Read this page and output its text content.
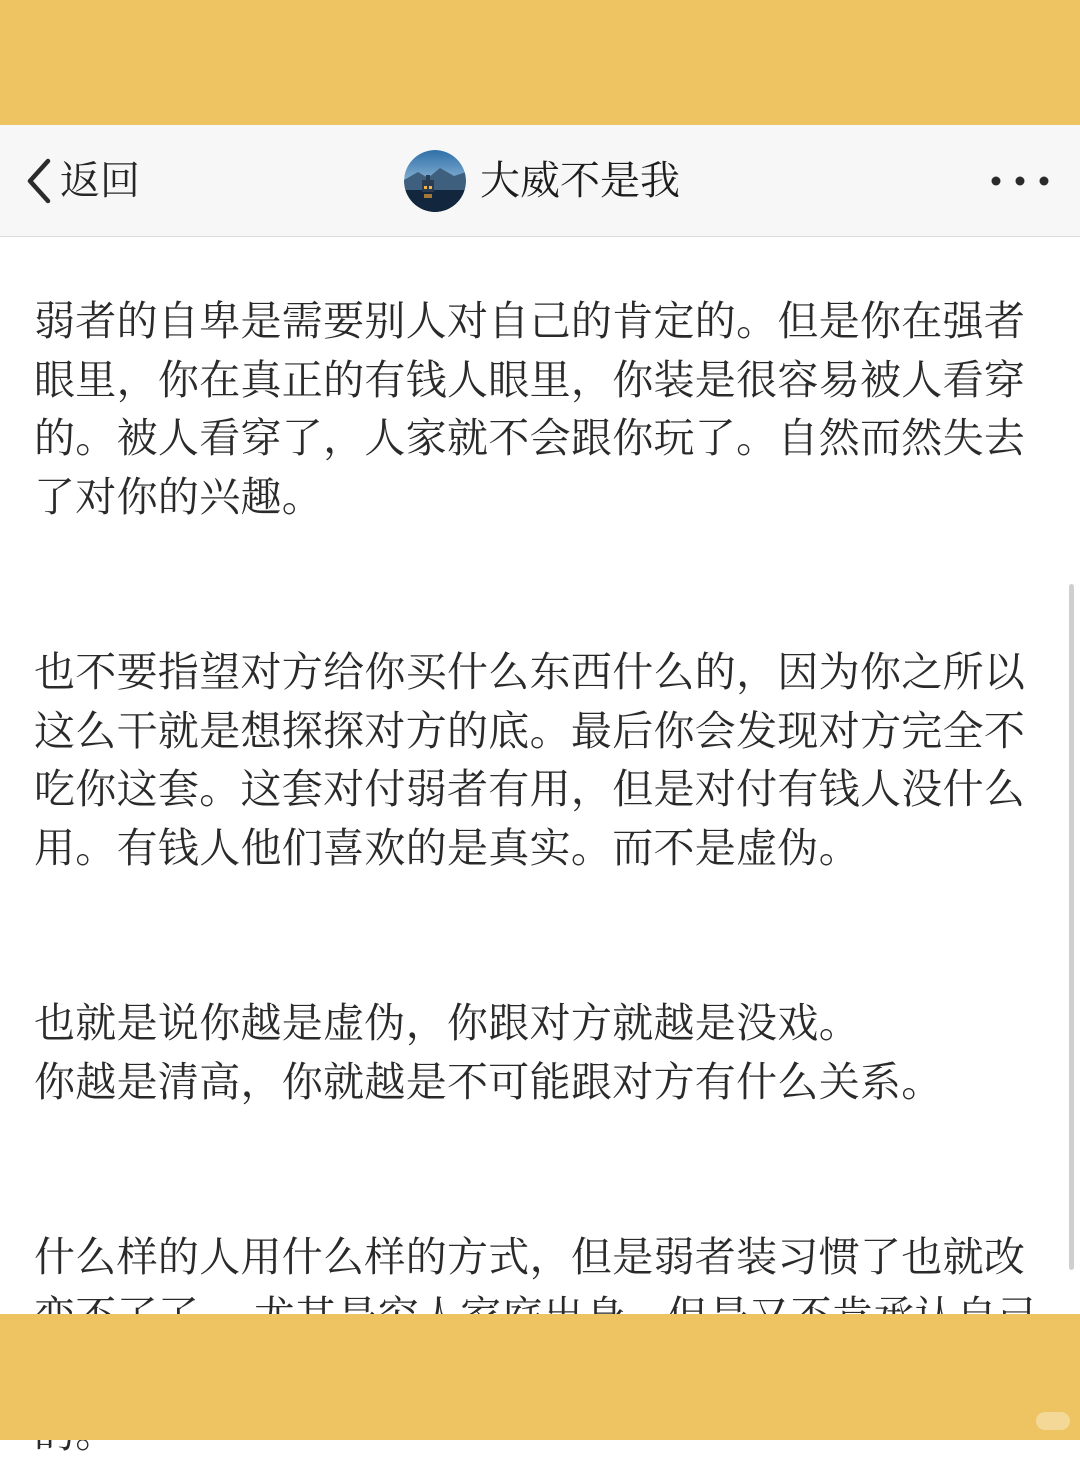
返回	大威不是我

弱者的自卑是需要别人对自己的肯定的。但是你在强者眼里，你在真正的有钱人眼里，你装是很容易被人看穿的。被人看穿了，人家就不会跟你玩了。自然而然失去了对你的兴趣。

也不要指望对方给你买什么东西什么的，因为你之所以这么干就是想探探对方的底。最后你会发现对方完全不吃你这套。这套对付弱者有用，但是对付有钱人没什么用。有钱人他们喜欢的是真实。而不是虚伪。

也就是说你越是虚伪，你跟对方就越是没戏。

你越是清高，你就越是不可能跟对方有什么关系。

什么样的人用什么样的方式，但是弱者装习惯了也就改
